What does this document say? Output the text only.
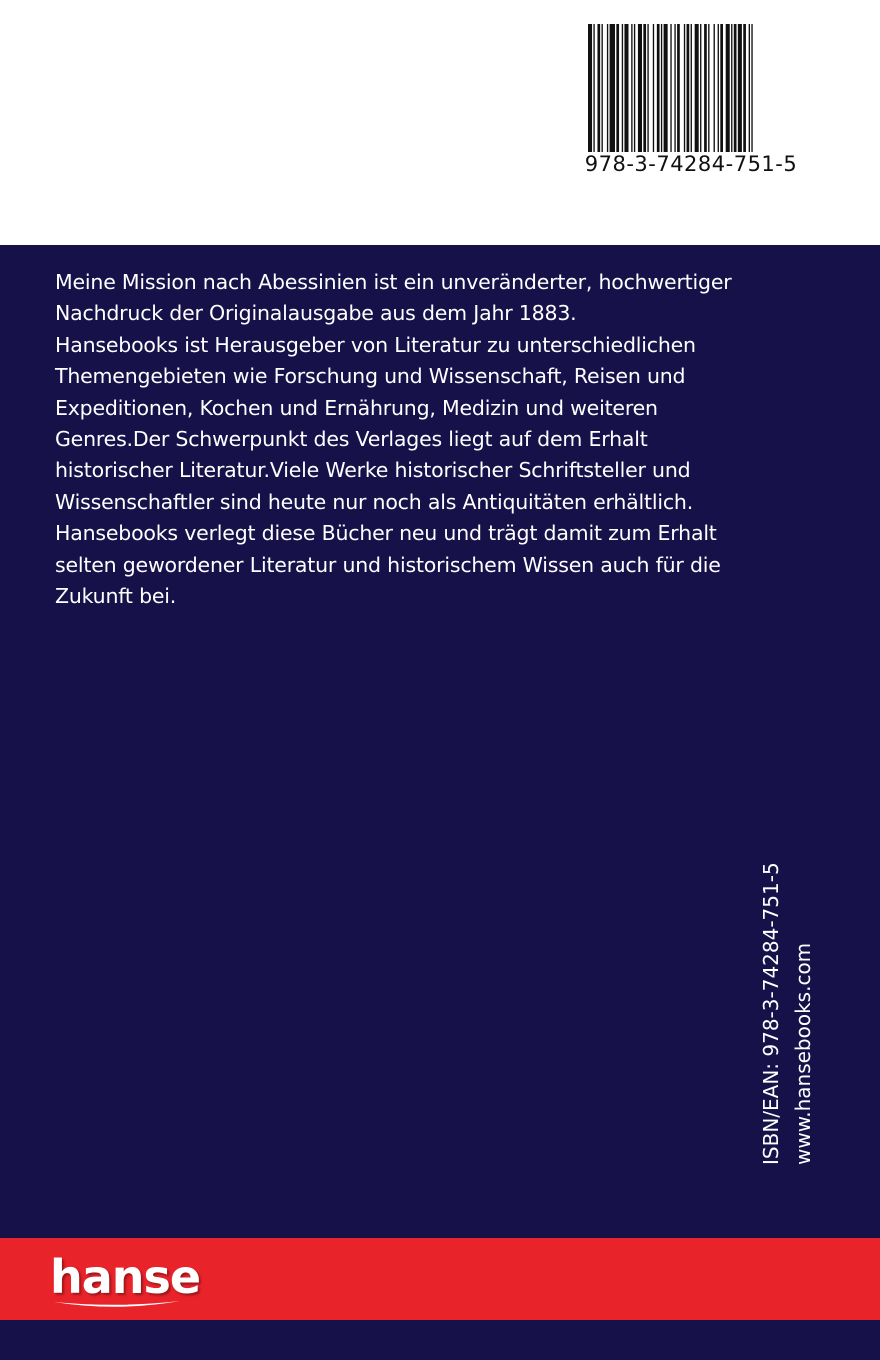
978-3-74284-751-5

Meine Mission nach Abessinien ist ein unveränderter, hochwertiger
Nachdruck der Originalausgabe aus dem Jahr 1883.
Hansebooks ist Herausgeber von Literatur zu unterschiedlichen
Themengebieten wie Forschung und Wissenschaft, Reisen und
Expeditionen, Kochen und Ernährung, Medizin und weiteren
Genres.Der Schwerpunkt des Verlages liegt auf dem Erhalt
historischer Literatur.Viele Werke historischer Schriftsteller und
Wissenschaftler sind heute nur noch als Antiquitäten erhältlich.
Hansebooks verlegt diese Bücher neu und trägt damit zum Erhalt
selten gewordener Literatur und historischem Wissen auch für die
Zukunft bei.

ISBN/EAN: 978-3-74284-751-5 www.hansebooks.com
hanse
